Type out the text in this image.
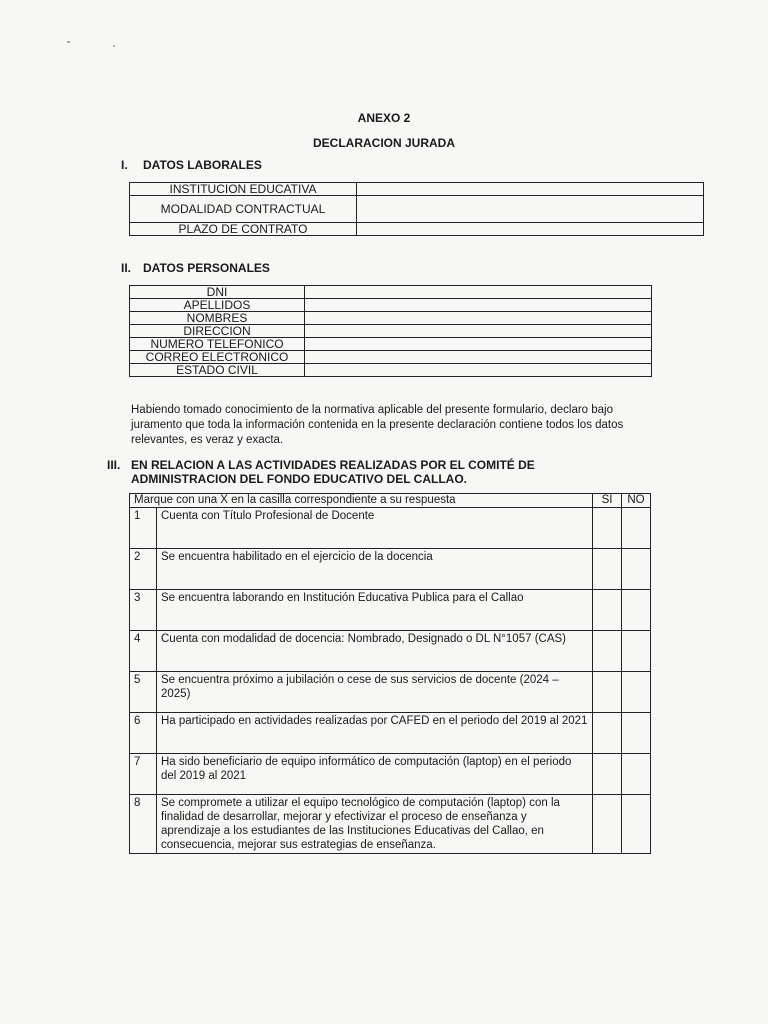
ANEXO 2
DECLARACION JURADA
I. DATOS LABORALES
INSTITUCION EDUCATIVA	
MODALIDAD CONTRACTUAL	
PLAZO DE CONTRATO	
II. DATOS PERSONALES
DNI	
APELLIDOS	
NOMBRES	
DIRECCION	
NUMERO TELEFONICO	
CORREO ELECTRONICO	
ESTADO CIVIL	
Habiendo tomado conocimiento de la normativa aplicable del presente formulario, declaro bajo juramento que toda la información contenida en la presente declaración contiene todos los datos relevantes, es veraz y exacta.
III. EN RELACION A LAS ACTIVIDADES REALIZADAS POR EL COMITÉ DE ADMINISTRACION DEL FONDO EDUCATIVO DEL CALLAO.
Marque con una X en la casilla correspondiente a su respuesta		SI	NO
1	Cuenta con Título Profesional de Docente		
2	Se encuentra habilitado en el ejercicio de la docencia		
3	Se encuentra laborando en Institución Educativa Publica para el Callao		
4	Cuenta con modalidad de docencia: Nombrado, Designado o DL N°1057 (CAS)		
5	Se encuentra próximo a jubilación o cese de sus servicios de docente (2024 – 2025)		
6	Ha participado en actividades realizadas por CAFED en el periodo del 2019 al 2021		
7	Ha sido beneficiario de equipo informático de computación (laptop) en el periodo del 2019 al 2021		
8	Se compromete a utilizar el equipo tecnológico de computación (laptop) con la finalidad de desarrollar, mejorar y efectivizar el proceso de enseñanza y aprendizaje a los estudiantes de las Instituciones Educativas del Callao, en consecuencia, mejorar sus estrategias de enseñanza.		
